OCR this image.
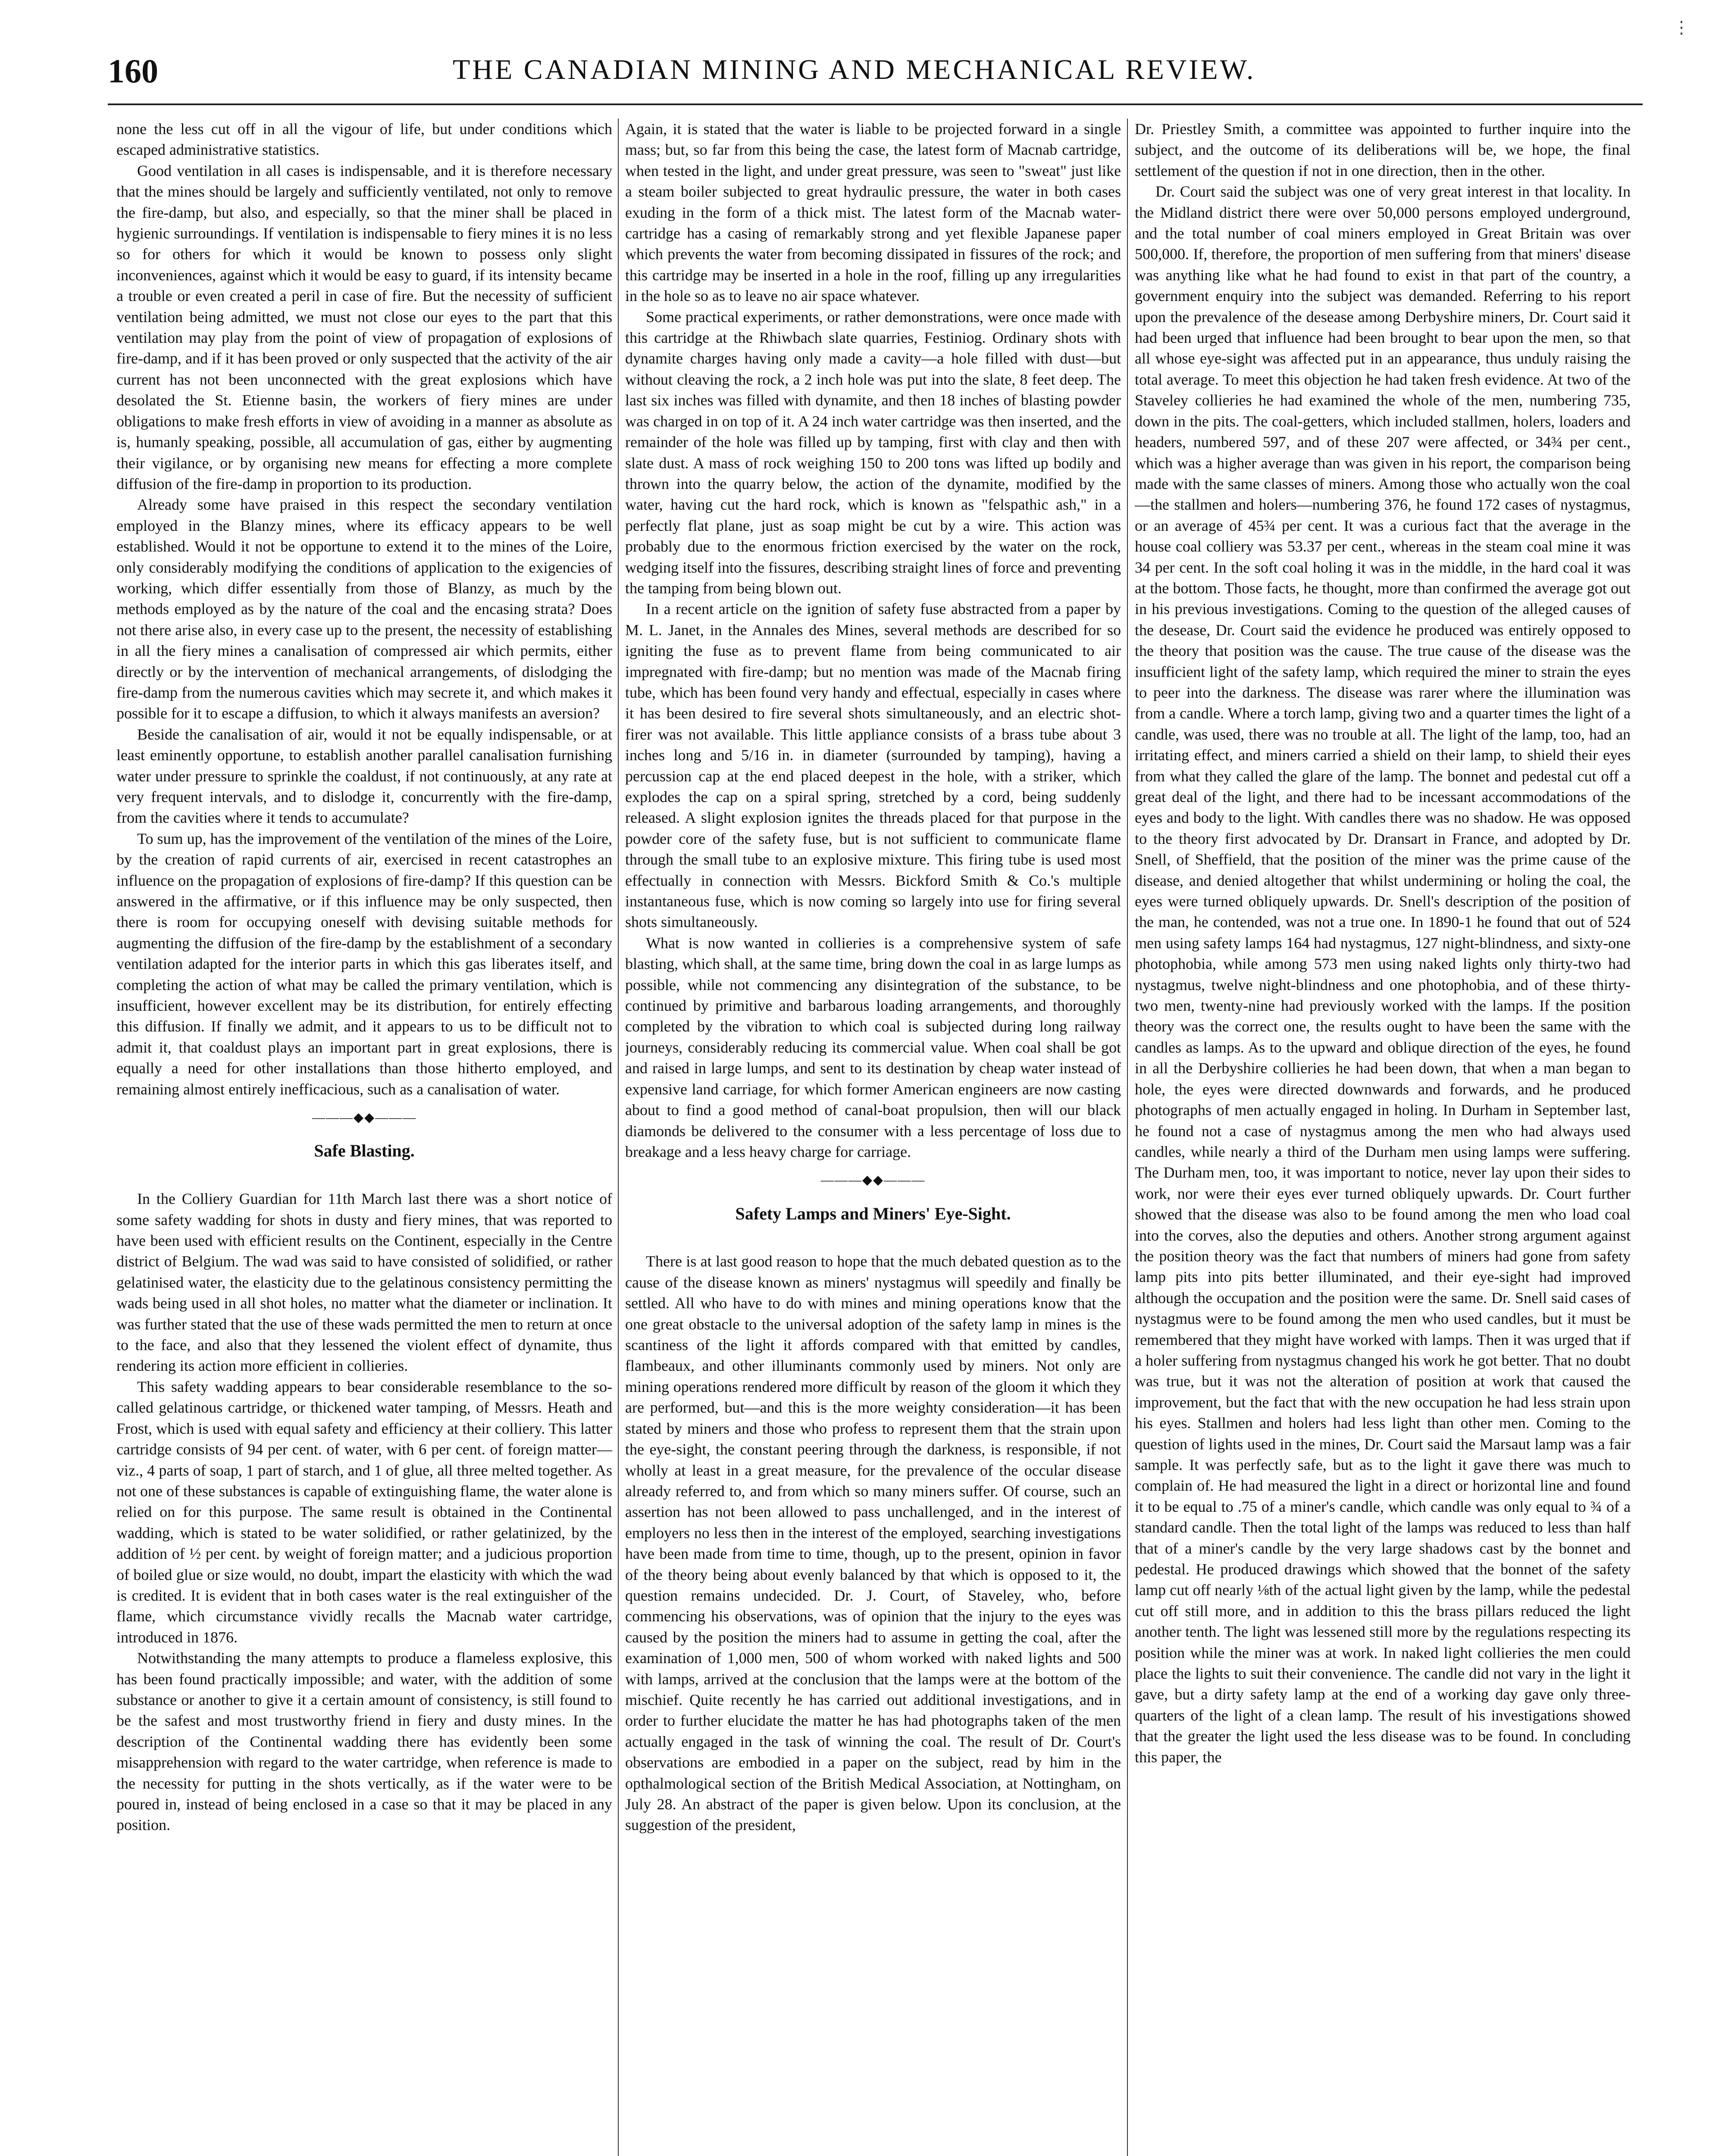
160	THE CANADIAN MINING AND MECHANICAL REVIEW.
⋮

none the less cut off in all the vigour of life, but under conditions which escaped administrative statistics.

Good ventilation in all cases is indispensable, and it is therefore necessary that the mines should be largely and sufficiently ventilated, not only to remove the fire-damp, but also, and especially, so that the miner shall be placed in hygienic surroundings. If ventilation is indispensable to fiery mines it is no less so for others for which it would be known to possess only slight inconveniences, against which it would be easy to guard, if its intensity became a trouble or even created a peril in case of fire. But the necessity of sufficient ventilation being admitted, we must not close our eyes to the part that this ventilation may play from the point of view of propagation of explosions of fire-damp, and if it has been proved or only suspected that the activity of the air current has not been unconnected with the great explosions which have desolated the St. Etienne basin, the workers of fiery mines are under obligations to make fresh efforts in view of avoiding in a manner as absolute as is, humanly speaking, possible, all accumulation of gas, either by augmenting their vigilance, or by organising new means for effecting a more complete diffusion of the fire-damp in proportion to its production.

Already some have praised in this respect the secondary ventilation employed in the Blanzy mines, where its efficacy appears to be well established. Would it not be opportune to extend it to the mines of the Loire, only considerably modifying the conditions of application to the exigencies of working, which differ essentially from those of Blanzy, as much by the methods employed as by the nature of the coal and the encasing strata? Does not there arise also, in every case up to the present, the necessity of establishing in all the fiery mines a canalisation of compressed air which permits, either directly or by the intervention of mechanical arrangements, of dislodging the fire-damp from the numerous cavities which may secrete it, and which makes it possible for it to escape a diffusion, to which it always manifests an aversion?

Beside the canalisation of air, would it not be equally indispensable, or at least eminently opportune, to establish another parallel canalisation furnishing water under pressure to sprinkle the coaldust, if not continuously, at any rate at very frequent intervals, and to dislodge it, concurrently with the fire-damp, from the cavities where it tends to accumulate?

To sum up, has the improvement of the ventilation of the mines of the Loire, by the creation of rapid currents of air, exercised in recent catastrophes an influence on the propagation of explosions of fire-damp? If this question can be answered in the affirmative, or if this influence may be only suspected, then there is room for occupying oneself with devising suitable methods for augmenting the diffusion of the fire-damp by the establishment of a secondary ventilation adapted for the interior parts in which this gas liberates itself, and completing the action of what may be called the primary ventilation, which is insufficient, however excellent may be its distribution, for entirely effecting this diffusion. If finally we admit, and it appears to us to be difficult not to admit it, that coaldust plays an important part in great explosions, there is equally a need for other installations than those hitherto employed, and remaining almost entirely inefficacious, such as a canalisation of water.

———◆◆———
Safe Blasting.

In the Colliery Guardian for 11th March last there was a short notice of some safety wadding for shots in dusty and fiery mines, that was reported to have been used with efficient results on the Continent, especially in the Centre district of Belgium. The wad was said to have consisted of solidified, or rather gelatinised water, the elasticity due to the gelatinous consistency permitting the wads being used in all shot holes, no matter what the diameter or inclination. It was further stated that the use of these wads permitted the men to return at once to the face, and also that they lessened the violent effect of dynamite, thus rendering its action more efficient in collieries.

This safety wadding appears to bear considerable resemblance to the so-called gelatinous cartridge, or thickened water tamping, of Messrs. Heath and Frost, which is used with equal safety and efficiency at their colliery. This latter cartridge consists of 94 per cent. of water, with 6 per cent. of foreign matter—viz., 4 parts of soap, 1 part of starch, and 1 of glue, all three melted together. As not one of these substances is capable of extinguishing flame, the water alone is relied on for this purpose. The same result is obtained in the Continental wadding, which is stated to be water solidified, or rather gelatinized, by the addition of ½ per cent. by weight of foreign matter; and a judicious proportion of boiled glue or size would, no doubt, impart the elasticity with which the wad is credited. It is evident that in both cases water is the real extinguisher of the flame, which circumstance vividly recalls the Macnab water cartridge, introduced in 1876.

Notwithstanding the many attempts to produce a flameless explosive, this has been found practically impossible; and water, with the addition of some substance or another to give it a certain amount of consistency, is still found to be the safest and most trustworthy friend in fiery and dusty mines. In the description of the Continental wadding there has evidently been some misapprehension with regard to the water cartridge, when reference is made to the necessity for putting in the shots vertically, as if the water were to be poured in, instead of being enclosed in a case so that it may be placed in any position.

Again, it is stated that the water is liable to be projected forward in a single mass; but, so far from this being the case, the latest form of Macnab cartridge, when tested in the light, and under great pressure, was seen to "sweat" just like a steam boiler subjected to great hydraulic pressure, the water in both cases exuding in the form of a thick mist. The latest form of the Macnab water-cartridge has a casing of remarkably strong and yet flexible Japanese paper which prevents the water from becoming dissipated in fissures of the rock; and this cartridge may be inserted in a hole in the roof, filling up any irregularities in the hole so as to leave no air space whatever.

Some practical experiments, or rather demonstrations, were once made with this cartridge at the Rhiwbach slate quarries, Festiniog. Ordinary shots with dynamite charges having only made a cavity—a hole filled with dust—but without cleaving the rock, a 2 inch hole was put into the slate, 8 feet deep. The last six inches was filled with dynamite, and then 18 inches of blasting powder was charged in on top of it. A 24 inch water cartridge was then inserted, and the remainder of the hole was filled up by tamping, first with clay and then with slate dust. A mass of rock weighing 150 to 200 tons was lifted up bodily and thrown into the quarry below, the action of the dynamite, modified by the water, having cut the hard rock, which is known as "felspathic ash," in a perfectly flat plane, just as soap might be cut by a wire. This action was probably due to the enormous friction exercised by the water on the rock, wedging itself into the fissures, describing straight lines of force and preventing the tamping from being blown out.

In a recent article on the ignition of safety fuse abstracted from a paper by M. L. Janet, in the Annales des Mines, several methods are described for so igniting the fuse as to prevent flame from being communicated to air impregnated with fire-damp; but no mention was made of the Macnab firing tube, which has been found very handy and effectual, especially in cases where it has been desired to fire several shots simultaneously, and an electric shot-firer was not available. This little appliance consists of a brass tube about 3 inches long and 5/16 in. in diameter (surrounded by tamping), having a percussion cap at the end placed deepest in the hole, with a striker, which explodes the cap on a spiral spring, stretched by a cord, being suddenly released. A slight explosion ignites the threads placed for that purpose in the powder core of the safety fuse, but is not sufficient to communicate flame through the small tube to an explosive mixture. This firing tube is used most effectually in connection with Messrs. Bickford Smith & Co.'s multiple instantaneous fuse, which is now coming so largely into use for firing several shots simultaneously.

What is now wanted in collieries is a comprehensive system of safe blasting, which shall, at the same time, bring down the coal in as large lumps as possible, while not commencing any disintegration of the substance, to be continued by primitive and barbarous loading arrangements, and thoroughly completed by the vibration to which coal is subjected during long railway journeys, considerably reducing its commercial value. When coal shall be got and raised in large lumps, and sent to its destination by cheap water instead of expensive land carriage, for which former American engineers are now casting about to find a good method of canal-boat propulsion, then will our black diamonds be delivered to the consumer with a less percentage of loss due to breakage and a less heavy charge for carriage.

———◆◆———
Safety Lamps and Miners' Eye-Sight.

There is at last good reason to hope that the much debated question as to the cause of the disease known as miners' nystagmus will speedily and finally be settled. All who have to do with mines and mining operations know that the one great obstacle to the universal adoption of the safety lamp in mines is the scantiness of the light it affords compared with that emitted by candles, flambeaux, and other illuminants commonly used by miners. Not only are mining operations rendered more difficult by reason of the gloom it which they are performed, but—and this is the more weighty consideration—it has been stated by miners and those who profess to represent them that the strain upon the eye-sight, the constant peering through the darkness, is responsible, if not wholly at least in a great measure, for the prevalence of the occular disease already referred to, and from which so many miners suffer. Of course, such an assertion has not been allowed to pass unchallenged, and in the interest of employers no less then in the interest of the employed, searching investigations have been made from time to time, though, up to the present, opinion in favor of the theory being about evenly balanced by that which is opposed to it, the question remains undecided. Dr. J. Court, of Staveley, who, before commencing his observations, was of opinion that the injury to the eyes was caused by the position the miners had to assume in getting the coal, after the examination of 1,000 men, 500 of whom worked with naked lights and 500 with lamps, arrived at the conclusion that the lamps were at the bottom of the mischief. Quite recently he has carried out additional investigations, and in order to further elucidate the matter he has had photographs taken of the men actually engaged in the task of winning the coal. The result of Dr. Court's observations are embodied in a paper on the subject, read by him in the opthalmological section of the British Medical Association, at Nottingham, on July 28. An abstract of the paper is given below. Upon its conclusion, at the suggestion of the president,

Dr. Priestley Smith, a committee was appointed to further inquire into the subject, and the outcome of its deliberations will be, we hope, the final settlement of the question if not in one direction, then in the other.

Dr. Court said the subject was one of very great interest in that locality. In the Midland district there were over 50,000 persons employed underground, and the total number of coal miners employed in Great Britain was over 500,000. If, therefore, the proportion of men suffering from that miners' disease was anything like what he had found to exist in that part of the country, a government enquiry into the subject was demanded. Referring to his report upon the prevalence of the desease among Derbyshire miners, Dr. Court said it had been urged that influence had been brought to bear upon the men, so that all whose eye-sight was affected put in an appearance, thus unduly raising the total average. To meet this objection he had taken fresh evidence. At two of the Staveley collieries he had examined the whole of the men, numbering 735, down in the pits. The coal-getters, which included stallmen, holers, loaders and headers, numbered 597, and of these 207 were affected, or 34¾ per cent., which was a higher average than was given in his report, the comparison being made with the same classes of miners. Among those who actually won the coal—the stallmen and holers—numbering 376, he found 172 cases of nystagmus, or an average of 45¾ per cent. It was a curious fact that the average in the house coal colliery was 53.37 per cent., whereas in the steam coal mine it was 34 per cent. In the soft coal holing it was in the middle, in the hard coal it was at the bottom. Those facts, he thought, more than confirmed the average got out in his previous investigations. Coming to the question of the alleged causes of the desease, Dr. Court said the evidence he produced was entirely opposed to the theory that position was the cause. The true cause of the disease was the insufficient light of the safety lamp, which required the miner to strain the eyes to peer into the darkness. The disease was rarer where the illumination was from a candle. Where a torch lamp, giving two and a quarter times the light of a candle, was used, there was no trouble at all. The light of the lamp, too, had an irritating effect, and miners carried a shield on their lamp, to shield their eyes from what they called the glare of the lamp. The bonnet and pedestal cut off a great deal of the light, and there had to be incessant accommodations of the eyes and body to the light. With candles there was no shadow. He was opposed to the theory first advocated by Dr. Dransart in France, and adopted by Dr. Snell, of Sheffield, that the position of the miner was the prime cause of the disease, and denied altogether that whilst undermining or holing the coal, the eyes were turned obliquely upwards. Dr. Snell's description of the position of the man, he contended, was not a true one. In 1890-1 he found that out of 524 men using safety lamps 164 had nystagmus, 127 night-blindness, and sixty-one photophobia, while among 573 men using naked lights only thirty-two had nystagmus, twelve night-blindness and one photophobia, and of these thirty-two men, twenty-nine had previously worked with the lamps. If the position theory was the correct one, the results ought to have been the same with the candles as lamps. As to the upward and oblique direction of the eyes, he found in all the Derbyshire collieries he had been down, that when a man began to hole, the eyes were directed downwards and forwards, and he produced photographs of men actually engaged in holing. In Durham in September last, he found not a case of nystagmus among the men who had always used candles, while nearly a third of the Durham men using lamps were suffering. The Durham men, too, it was important to notice, never lay upon their sides to work, nor were their eyes ever turned obliquely upwards. Dr. Court further showed that the disease was also to be found among the men who load coal into the corves, also the deputies and others. Another strong argument against the position theory was the fact that numbers of miners had gone from safety lamp pits into pits better illuminated, and their eye-sight had improved although the occupation and the position were the same. Dr. Snell said cases of nystagmus were to be found among the men who used candles, but it must be remembered that they might have worked with lamps. Then it was urged that if a holer suffering from nystagmus changed his work he got better. That no doubt was true, but it was not the alteration of position at work that caused the improvement, but the fact that with the new occupation he had less strain upon his eyes. Stallmen and holers had less light than other men. Coming to the question of lights used in the mines, Dr. Court said the Marsaut lamp was a fair sample. It was perfectly safe, but as to the light it gave there was much to complain of. He had measured the light in a direct or horizontal line and found it to be equal to .75 of a miner's candle, which candle was only equal to ¾ of a standard candle. Then the total light of the lamps was reduced to less than half that of a miner's candle by the very large shadows cast by the bonnet and pedestal. He produced drawings which showed that the bonnet of the safety lamp cut off nearly ⅛th of the actual light given by the lamp, while the pedestal cut off still more, and in addition to this the brass pillars reduced the light another tenth. The light was lessened still more by the regulations respecting its position while the miner was at work. In naked light collieries the men could place the lights to suit their convenience. The candle did not vary in the light it gave, but a dirty safety lamp at the end of a working day gave only three-quarters of the light of a clean lamp. The result of his investigations showed that the greater the light used the less disease was to be found. In concluding this paper, the
